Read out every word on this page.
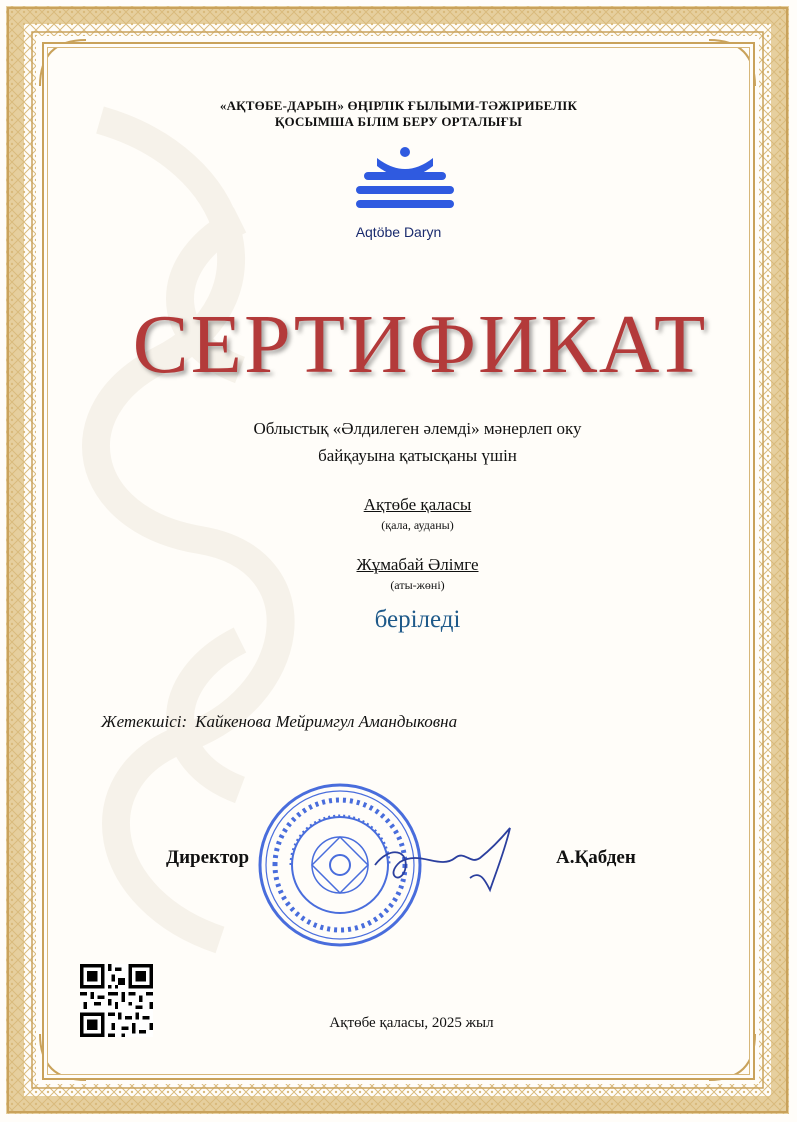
«АҚТӨБЕ-ДАРЫН» ӨҢІРЛІК ҒЫЛЫМИ-ТӘЖІРИБЕЛІК
ҚОСЫМША БІЛІМ БЕРУ ОРТАЛЫҒЫ
Aqtöbe Daryn
СЕРТИФИКАТ
Облыстық «Әлдилеген әлемді» мәнерлеп оку
байқауына қатысқаны үшін
Ақтөбе қаласы
(қала, ауданы)
Жұмабай Әлімге
(аты-жөні)
беріледі
Жетекшісі: Кайкенова Мейримгул Амандыковна
Директор	А.Қабден
Ақтөбе қаласы, 2025 жыл
